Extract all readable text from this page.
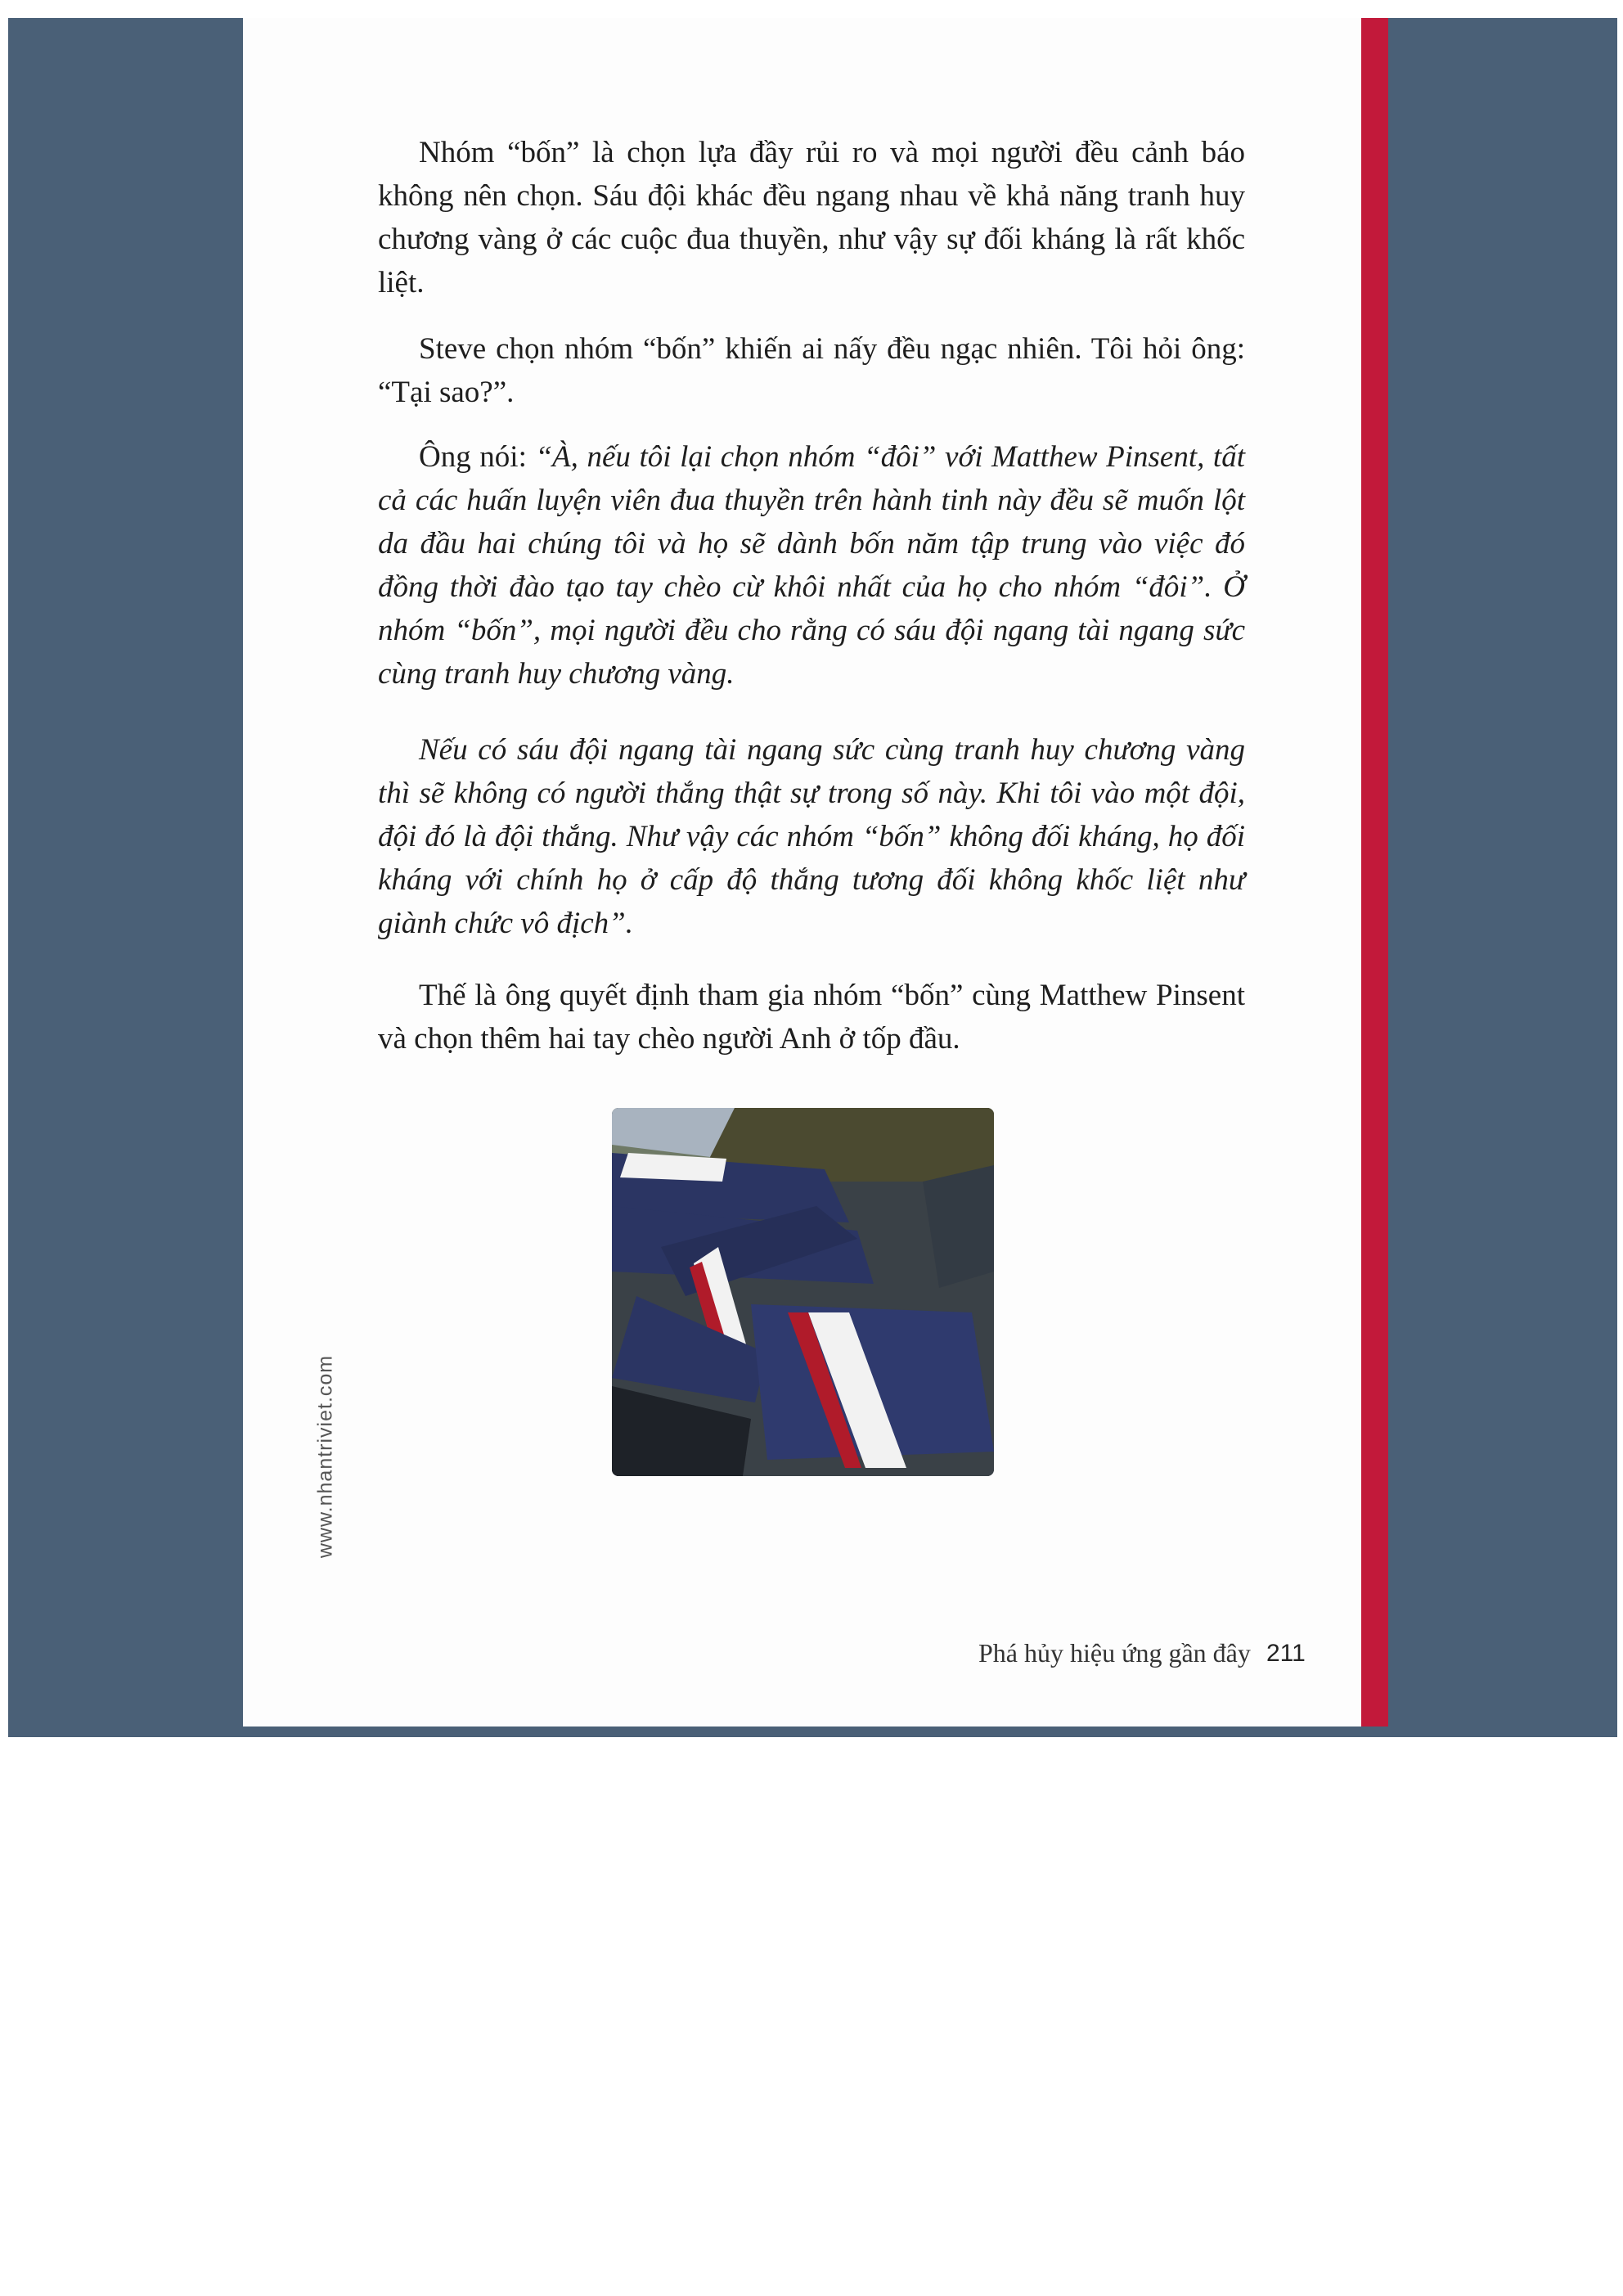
www.nhantriviet.com

Nhóm “bốn” là chọn lựa đầy rủi ro và mọi người đều cảnh báo không nên chọn. Sáu đội khác đều ngang nhau về khả năng tranh huy chương vàng ở các cuộc đua thuyền, như vậy sự đối kháng là rất khốc liệt.

Steve chọn nhóm “bốn” khiến ai nấy đều ngạc nhiên. Tôi hỏi ông: “Tại sao?”.

Ông nói: “À, nếu tôi lại chọn nhóm “đôi” với Matthew Pinsent, tất cả các huấn luyện viên đua thuyền trên hành tinh này đều sẽ muốn lột da đầu hai chúng tôi và họ sẽ dành bốn năm tập trung vào việc đó đồng thời đào tạo tay chèo cừ khôi nhất của họ cho nhóm “đôi”. Ở nhóm “bốn”, mọi người đều cho rằng có sáu đội ngang tài ngang sức cùng tranh huy chương vàng.

Nếu có sáu đội ngang tài ngang sức cùng tranh huy chương vàng thì sẽ không có người thắng thật sự trong số này. Khi tôi vào một đội, đội đó là đội thắng. Như vậy các nhóm “bốn” không đối kháng, họ đối kháng với chính họ ở cấp độ thắng tương đối không khốc liệt như giành chức vô địch”.

Thế là ông quyết định tham gia nhóm “bốn” cùng Matthew Pinsent và chọn thêm hai tay chèo người Anh ở tốp đầu.

Phá hủy hiệu ứng gần đây 211
